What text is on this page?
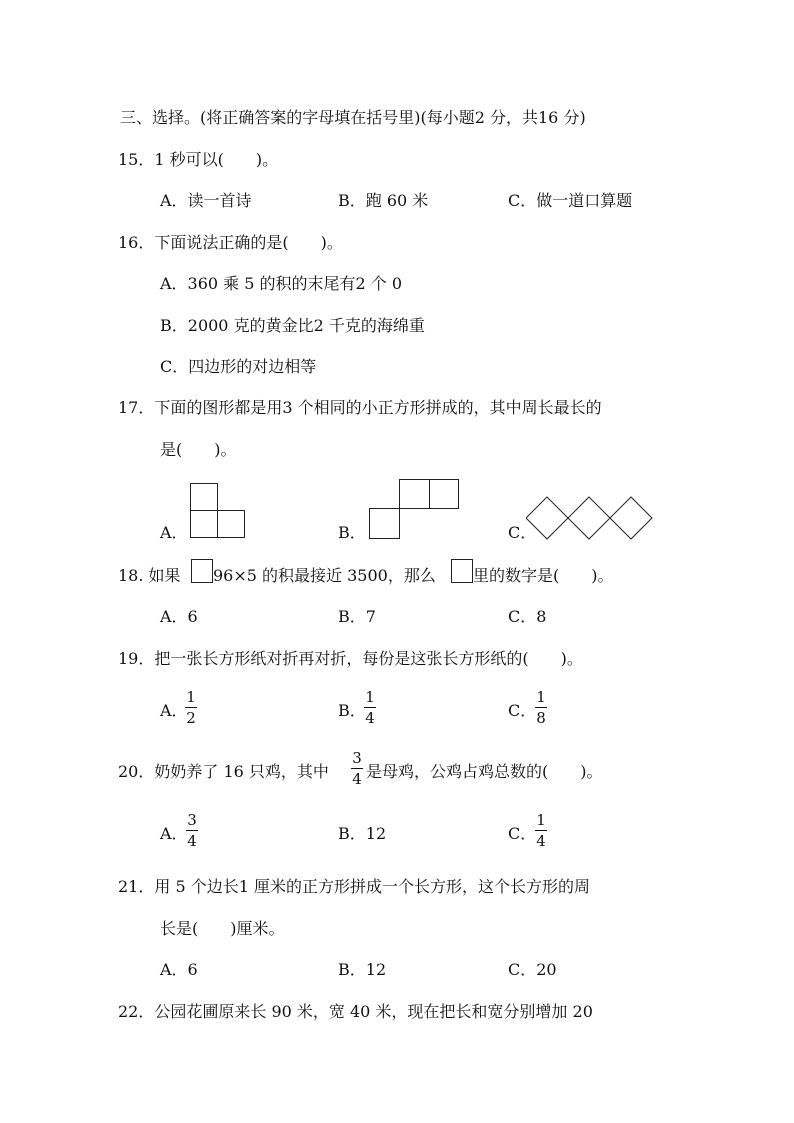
三、选择。(将正确答案的字母填在括号里)(每小题2 分，共16 分)
15．1 秒可以(　　)。
A．读一首诗	B．跑 60 米	C．做一道口算题
16．下面说法正确的是(　　)。
A．360 乘 5 的积的末尾有2 个 0
B．2000 克的黄金比2 千克的海绵重
C．四边形的对边相等
17．下面的图形都是用3 个相同的小正方形拼成的，其中周长最长的
是(　　)。
A．	B．	C．
18. 如果 96×5 的积最接近 3500，那么 里的数字是(　　)。
A．6	B．7	C．8
19．把一张长方形纸对折再对折，每份是这张长方形纸的(　　)。
A．
1
2	B．
1
4	C．
1
8
20．奶奶养了 16 只鸡，其中
3
4 是母鸡，公鸡占鸡总数的(　　)。
A．
3
4	B．12	C．
1
4
21．用 5 个边长1 厘米的正方形拼成一个长方形，这个长方形的周
长是(　　)厘米。
A．6	B．12	C．20
22．公园花圃原来长 90 米，宽 40 米，现在把长和宽分别增加 20
